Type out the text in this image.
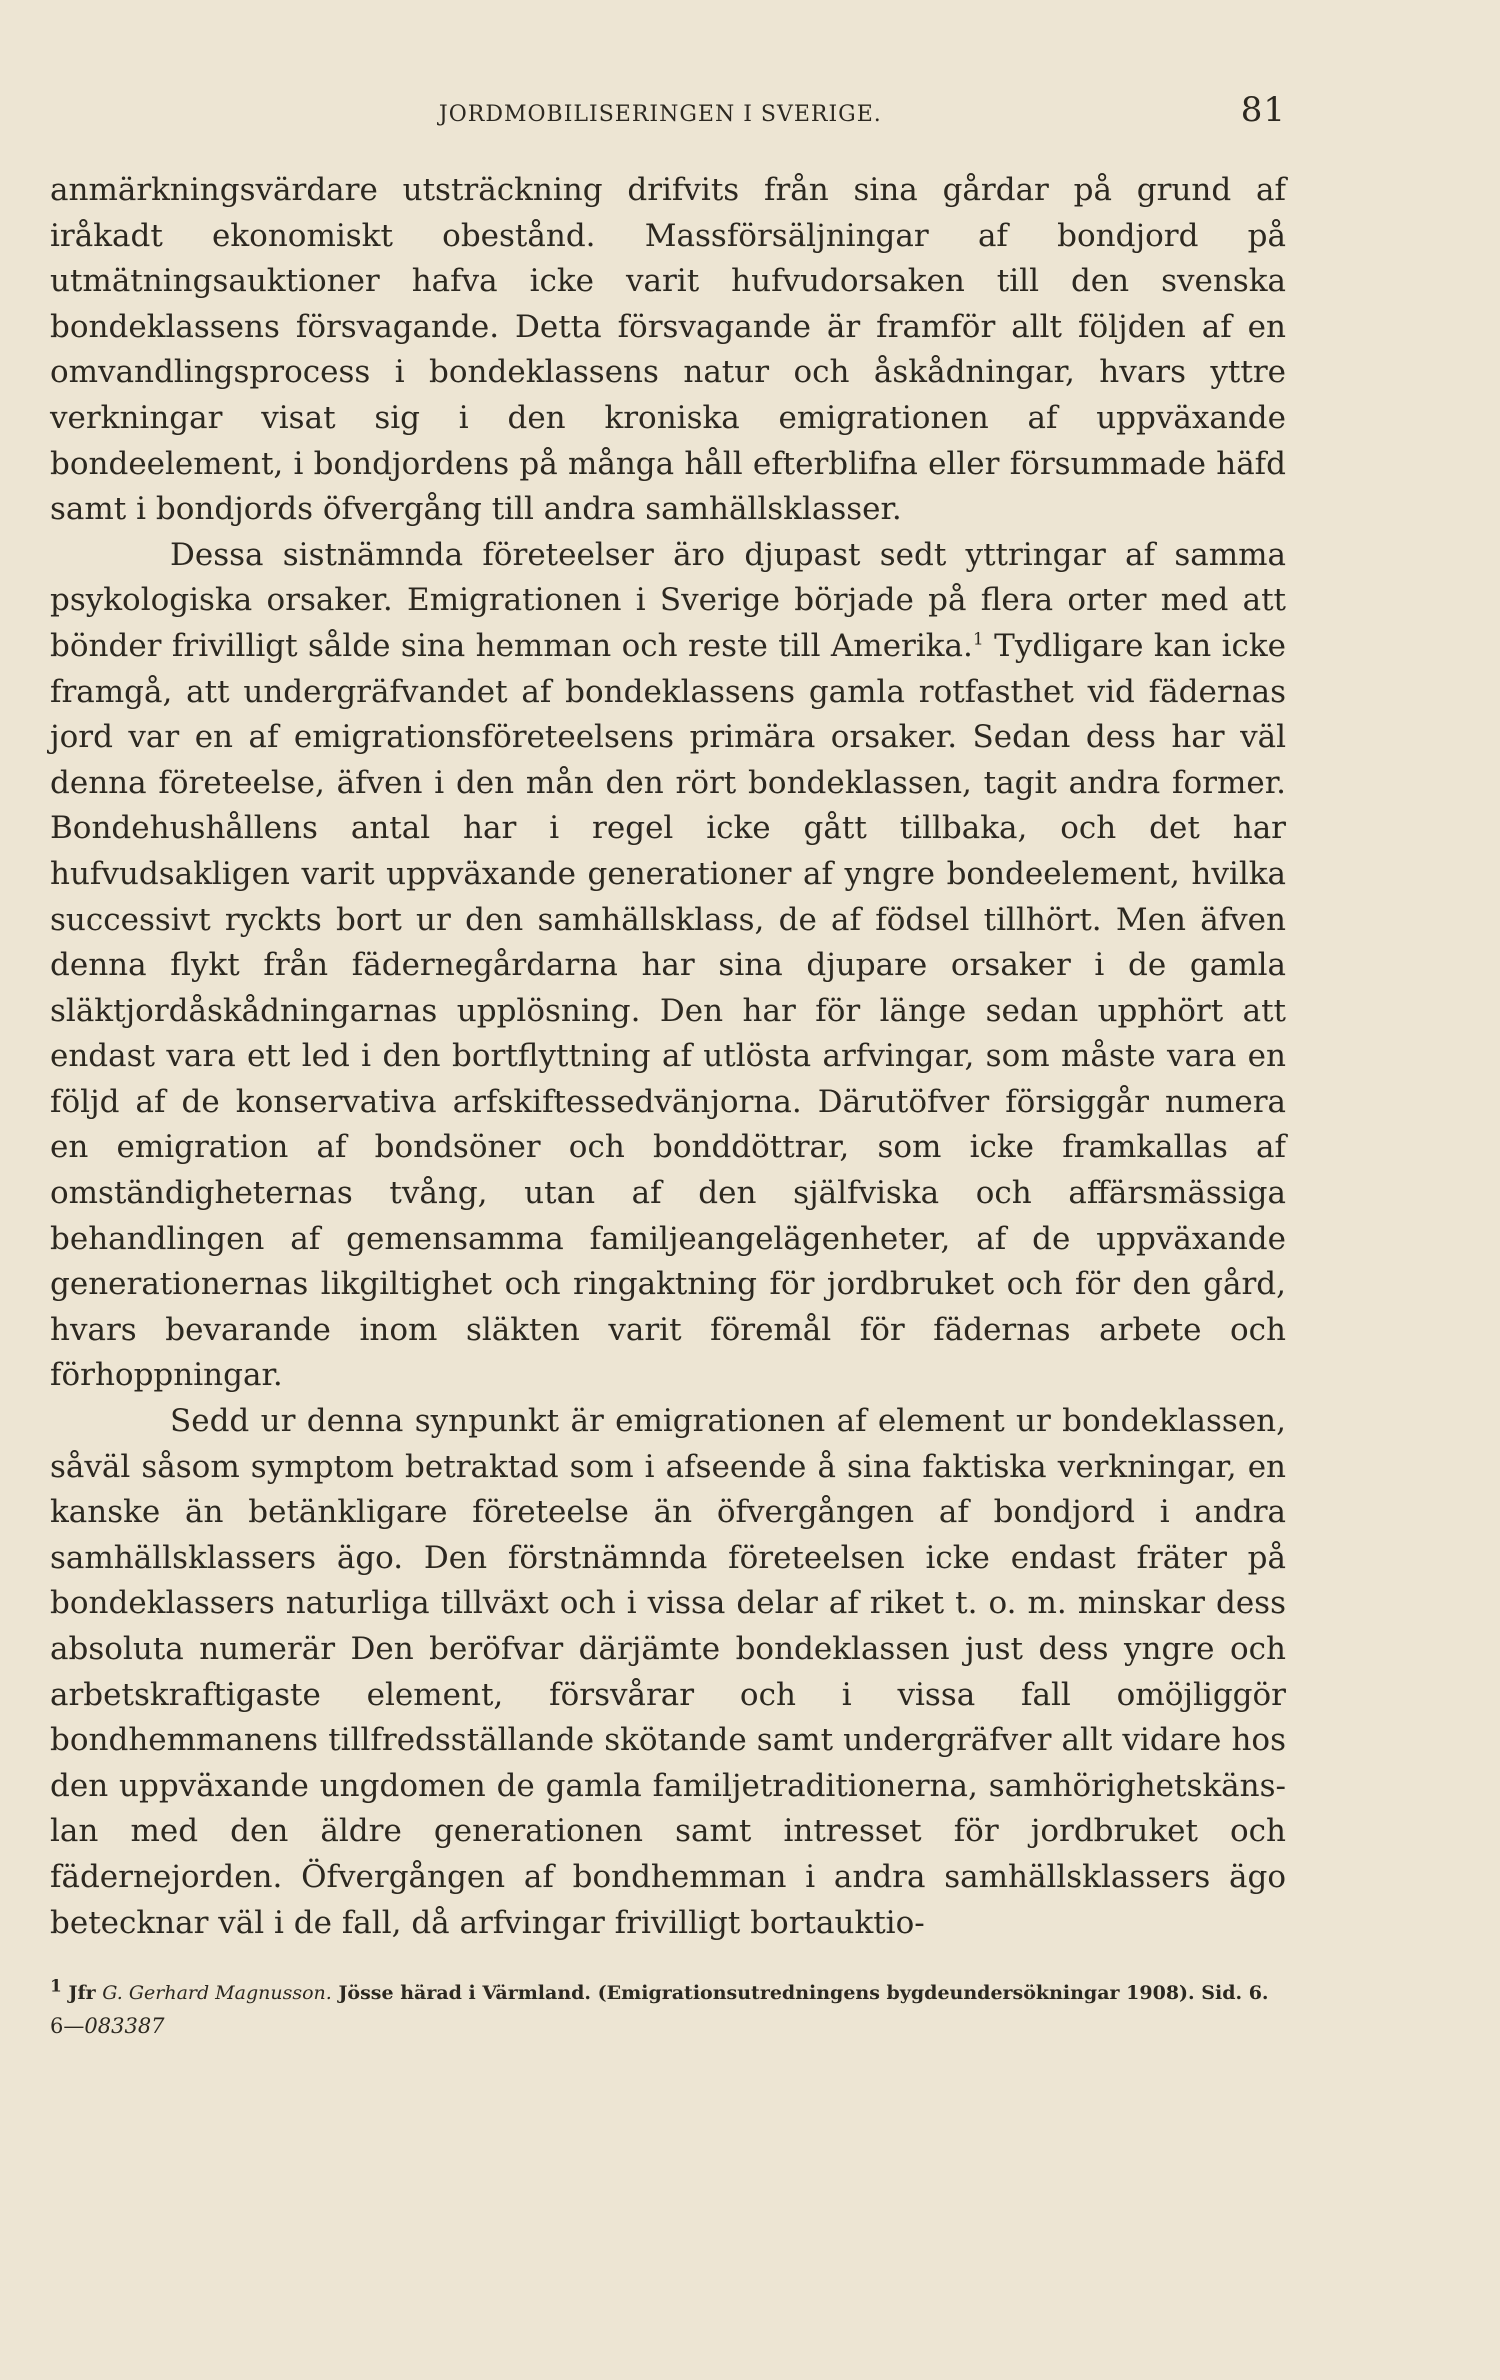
JORDMOBILISERINGEN I SVERIGE.	81

anmärkningsvärdare utsträckning drifvits från sina gårdar på grund af iråkadt ekonomiskt obestånd. Massförsäljningar af bondjord på utmätningsauktioner hafva icke varit hufvudorsaken till den svenska bondeklassens försvagande. Detta försvagande är framför allt följden af en omvandlingsprocess i bondeklassens natur och åskådningar, hvars yttre verkningar visat sig i den kroniska emigrationen af uppväxande bondeelement, i bondjordens på många håll efterblifna eller försummade häfd samt i bondjords öfvergång till andra samhällsklasser.

Dessa sistnämnda företeelser äro djupast sedt yttringar af samma psykologiska orsaker. Emigrationen i Sverige började på flera orter med att bönder frivilligt sålde sina hemman och reste till Amerika.$^1$ Tydligare kan icke framgå, att undergräfvandet af bondeklassens gamla rotfasthet vid fädernas jord var en af emigrationsföreteelsens primära orsaker. Sedan dess har väl denna företeelse, äfven i den mån den rört bondeklassen, tagit andra former. Bondehushållens antal har i regel icke gått tillbaka, och det har hufvudsakligen varit uppväxande generationer af yngre bondeelement, hvilka successivt ryckts bort ur den samhällsklass, de af födsel tillhört. Men äfven denna flykt från fädernegårdarna har sina djupare orsaker i de gamla släktjordåskådningarnas upplösning. Den har för länge sedan upphört att endast vara ett led i den bortflyttning af utlösta arfvingar, som måste vara en följd af de konservativa arfskiftessedvänjorna. Därutöfver försiggår numera en emigration af bondsöner och bonddöttrar, som icke framkallas af omständigheternas tvång, utan af den själfviska och affärsmässiga behandlingen af gemensamma familjeangelägenheter, af de uppväxande generationernas likgiltighet och ringaktning för jordbruket och för den gård, hvars bevarande inom släkten varit föremål för fädernas arbete och förhoppningar.

Sedd ur denna synpunkt är emigrationen af element ur bondeklassen, såväl såsom symptom betraktad som i afseende å sina faktiska verkningar, en kanske än betänkligare företeelse än öfvergången af bondjord i andra samhällsklassers ägo. Den förstnämnda företeelsen icke endast fräter på bondeklassers naturliga tillväxt och i vissa delar af riket t. o. m. minskar dess absoluta numerär Den beröfvar därjämte bondeklassen just dess yngre och arbetskraftigaste element, försvårar och i vissa fall omöjliggör bondhemmanens tillfredsställande skötande samt undergräfver allt vidare hos den uppväxande ungdomen de gamla familjetraditionerna, samhörighetskänslan med den äldre generationen samt intresset för jordbruket och fädernejorden. Öfvergången af bondhemman i andra samhällsklassers ägo betecknar väl i de fall, då arfvingar frivilligt bortauktio-

$^1$ Jfr G. Gerhard Magnusson. Jösse härad i Värmland. (Emigrationsutredningens bygdeundersökningar 1908). Sid. 6.
6—083387
